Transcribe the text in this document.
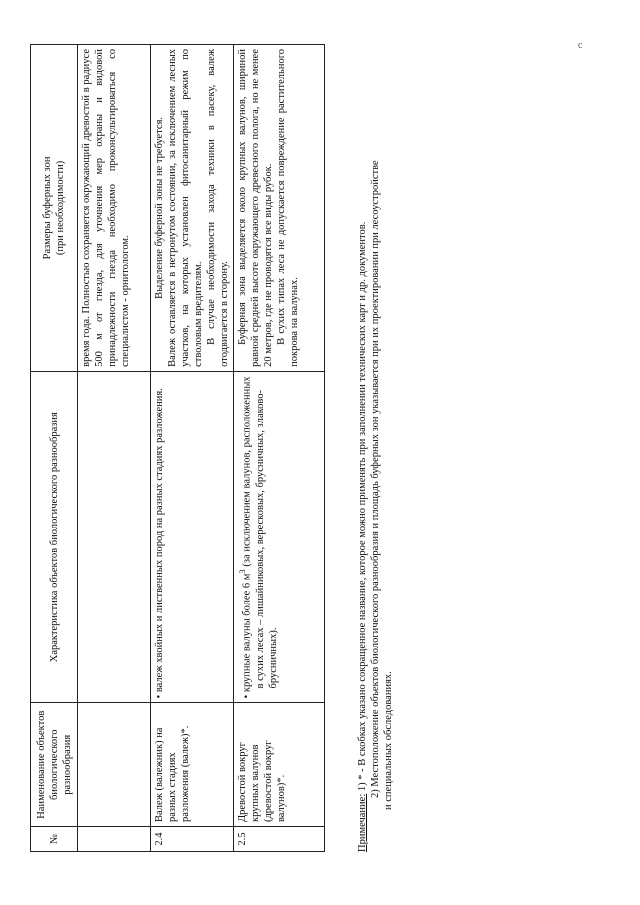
с
№	Наименование объектов биологического разнообразия	Характеристика объектов биологического разнообразия	Размеры буферных зон (при необходимости)
			время года. Полностью сохраняется окружающий древостой в радиусе 500 м от гнезда, для уточнения мер охраны и видовой принадлежности гнезда необходимо проконсультироваться со специалистом - орнитологом.
2.4	Валеж (валежник) на разных стадиях разложения (валеж)*.	• валеж хвойных и лиственных пород на разных стадиях разложения.	Выделение буферной зоны не требуется. Валеж оставляется в нетронутом состоянии, за исключением лесных участков, на которых установлен фитосанитарный режим по стволовым вредителям. В случае необходимости захода техники в пасеку, валеж отодвигается в сторону.

2.5	Древостой вокруг крупных валунов (древостой вокруг валунов)*.	• крупные валуны более 6 $м^3$ (за исключением валунов, расположенных в сухих лесах – лишайниковых, вересковых, брусничных, злаково-брусничных).	Буферная зона выделяется около крупных валунов, шириной равной средней высоте окружающего древесного полога, но не менее 20 метров, где не проводятся все виды рубок. В сухих типах леса не допускается повреждение растительного покрова на валунах.

Примечание: 1) * - В скобках указано сокращенное название, которое можно применять при заполнении технических карт и др. документов. 2) Местоположение объектов биологического разнообразия и площадь буферных зон указывается при их проектировании при лесоустройстве и специальных обследованиях.
